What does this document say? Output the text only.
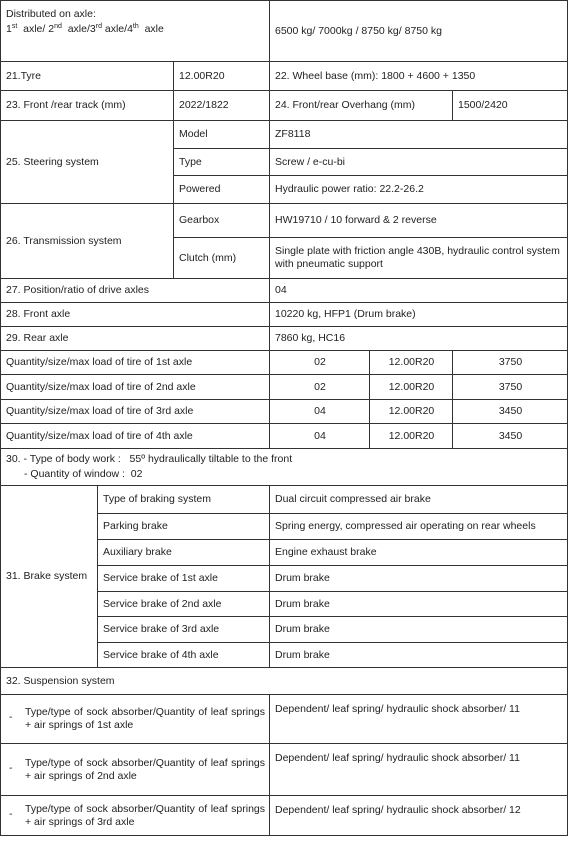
Distributed on axle:
1st  axle/ 2nd  axle/3rd axle/4th  axle			6500 kg/ 7000kg / 8750 kg/ 8750 kg		
21.Tyre		12.00R20	22. Wheel base (mm): 1800 + 4600 + 1350		
23. Front /rear track (mm)		2022/1822	24. Front/rear Overhang (mm)		1500/2420
25. Steering system		Model	ZF8118		
		Type	Screw / e-cu-bi		
		Powered	Hydraulic power ratio: 22.2-26.2		
26. Transmission system		Gearbox	HW19710 / 10 forward & 2 reverse		
		Clutch (mm)	Single plate with friction angle 430B, hydraulic control system with pneumatic support		
27. Position/ratio of drive axles			04		
28. Front axle			10220 kg, HFP1 (Drum brake)		
29. Rear axle			7860 kg, HC16		
Quantity/size/max load of tire of 1st axle			02	12.00R20	3750
Quantity/size/max load of tire of 2nd axle			02	12.00R20	3750
Quantity/size/max load of tire of 3rd axle			04	12.00R20	3450
Quantity/size/max load of tire of 4th axle			04	12.00R20	3450

30. - Type of body work :   55º hydraulically tiltable to the front
- Quantity of window :  02					

31. Brake system	Type of braking system		Dual circuit compressed air brake		
	Parking brake		Spring energy, compressed air operating on rear wheels		
	Auxiliary brake		Engine exhaust brake		
	Service brake of 1st axle		Drum brake		
	Service brake of 2nd axle		Drum brake		
	Service brake of 3rd axle		Drum brake		
	Service brake of 4th axle		Drum brake		
32. Suspension system					

- Type/type of sock absorber/Quantity of leaf springs + air springs of 1st axle			Dependent/ leaf spring/ hydraulic shock absorber/ 11		

- Type/type of sock absorber/Quantity of leaf springs + air springs of 2nd axle			Dependent/ leaf spring/ hydraulic shock absorber/ 11		

- Type/type of sock absorber/Quantity of leaf springs + air springs of 3rd axle			Dependent/ leaf spring/ hydraulic shock absorber/ 12		
